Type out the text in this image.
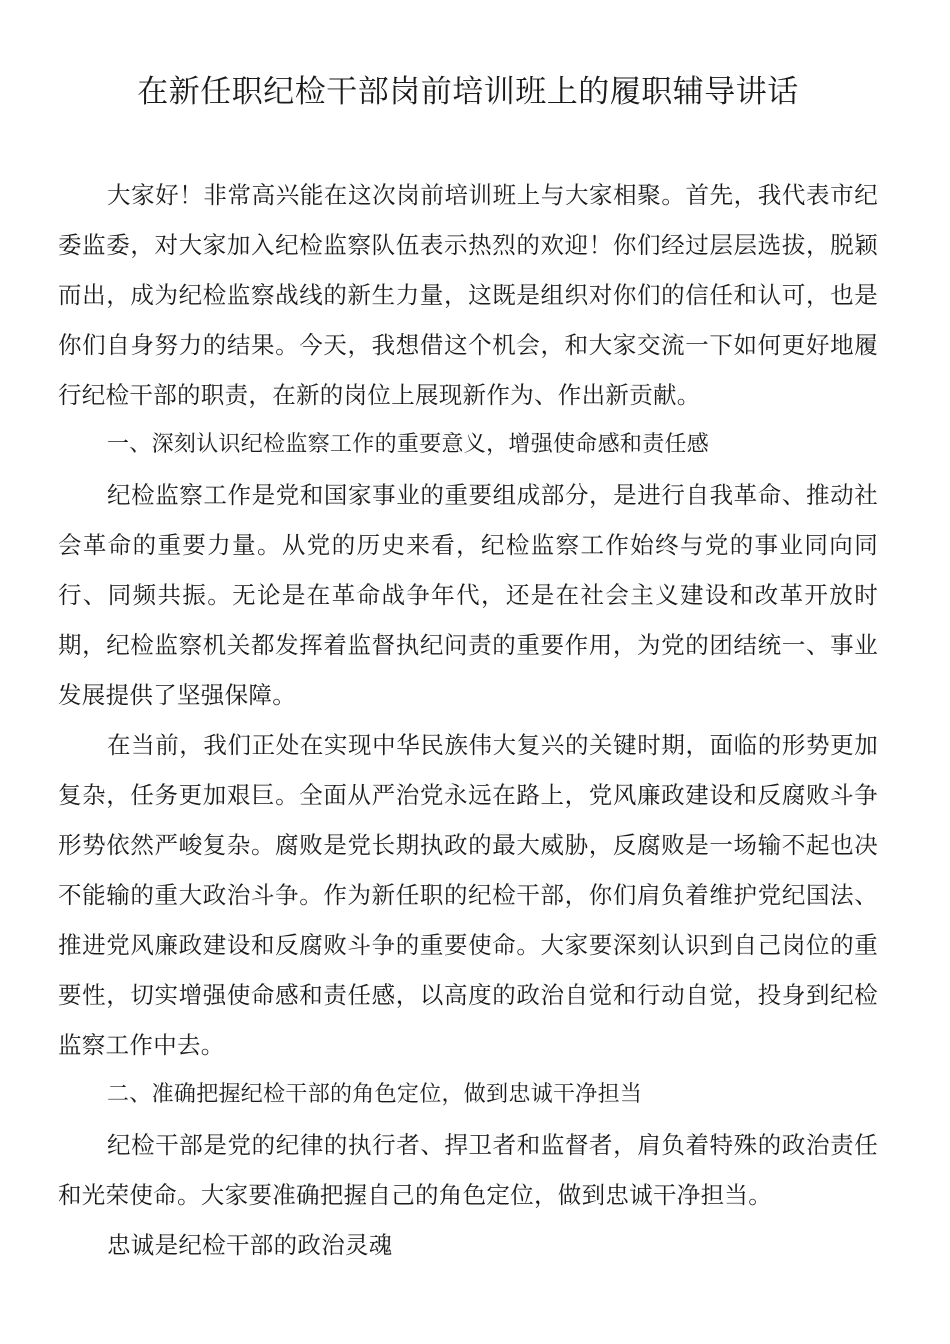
在新任职纪检干部岗前培训班上的履职辅导讲话

大家好！非常高兴能在这次岗前培训班上与大家相聚。首先，我代表市纪委监委，对大家加入纪检监察队伍表示热烈的欢迎！你们经过层层选拔，脱颖而出，成为纪检监察战线的新生力量，这既是组织对你们的信任和认可，也是你们自身努力的结果。今天，我想借这个机会，和大家交流一下如何更好地履行纪检干部的职责，在新的岗位上展现新作为、作出新贡献。

一、深刻认识纪检监察工作的重要意义，增强使命感和责任感

纪检监察工作是党和国家事业的重要组成部分，是进行自我革命、推动社会革命的重要力量。从党的历史来看，纪检监察工作始终与党的事业同向同行、同频共振。无论是在革命战争年代，还是在社会主义建设和改革开放时期，纪检监察机关都发挥着监督执纪问责的重要作用，为党的团结统一、事业发展提供了坚强保障。

在当前，我们正处在实现中华民族伟大复兴的关键时期，面临的形势更加复杂，任务更加艰巨。全面从严治党永远在路上，党风廉政建设和反腐败斗争形势依然严峻复杂。腐败是党长期执政的最大威胁，反腐败是一场输不起也决不能输的重大政治斗争。作为新任职的纪检干部，你们肩负着维护党纪国法、推进党风廉政建设和反腐败斗争的重要使命。大家要深刻认识到自己岗位的重要性，切实增强使命感和责任感，以高度的政治自觉和行动自觉，投身到纪检监察工作中去。

二、准确把握纪检干部的角色定位，做到忠诚干净担当

纪检干部是党的纪律的执行者、捍卫者和监督者，肩负着特殊的政治责任和光荣使命。大家要准确把握自己的角色定位，做到忠诚干净担当。

忠诚是纪检干部的政治灵魂
